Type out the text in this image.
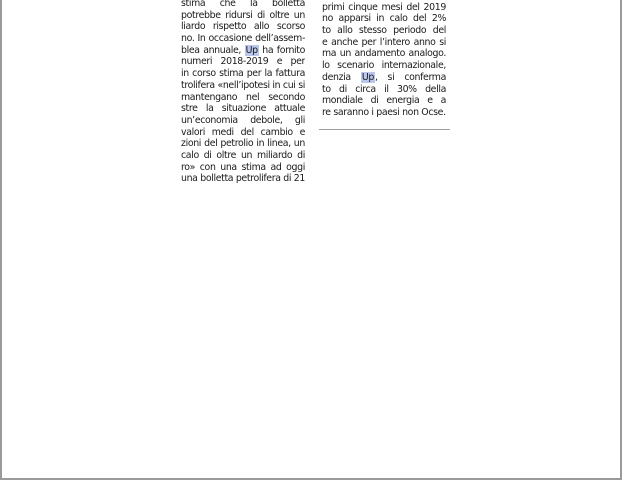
stima che la bolletta
potrebbe ridursi di oltre un
liardo rispetto allo scorso
no. In occasione dell’assem-
blea annuale, Up ha fornito
numeri 2018-2019 e per
in corso stima per la fattura
trolifera «nell’ipotesi in cui si
mantengano nel secondo
stre la situazione attuale
un’economia debole, gli
valori medi del cambio e
zioni del petrolio in linea, un
calo di oltre un miliardo di
ro» con una stima ad oggi
una bolletta petrolifera di 21
primi cinque mesi del 2019
no apparsi in calo del 2%
to allo stesso periodo del
e anche per l’intero anno si
ma un andamento analogo.
lo scenario internazionale,
denzia Up, si conferma
to di circa il 30% della
mondiale di energia e a
re saranno i paesi non Ocse.
